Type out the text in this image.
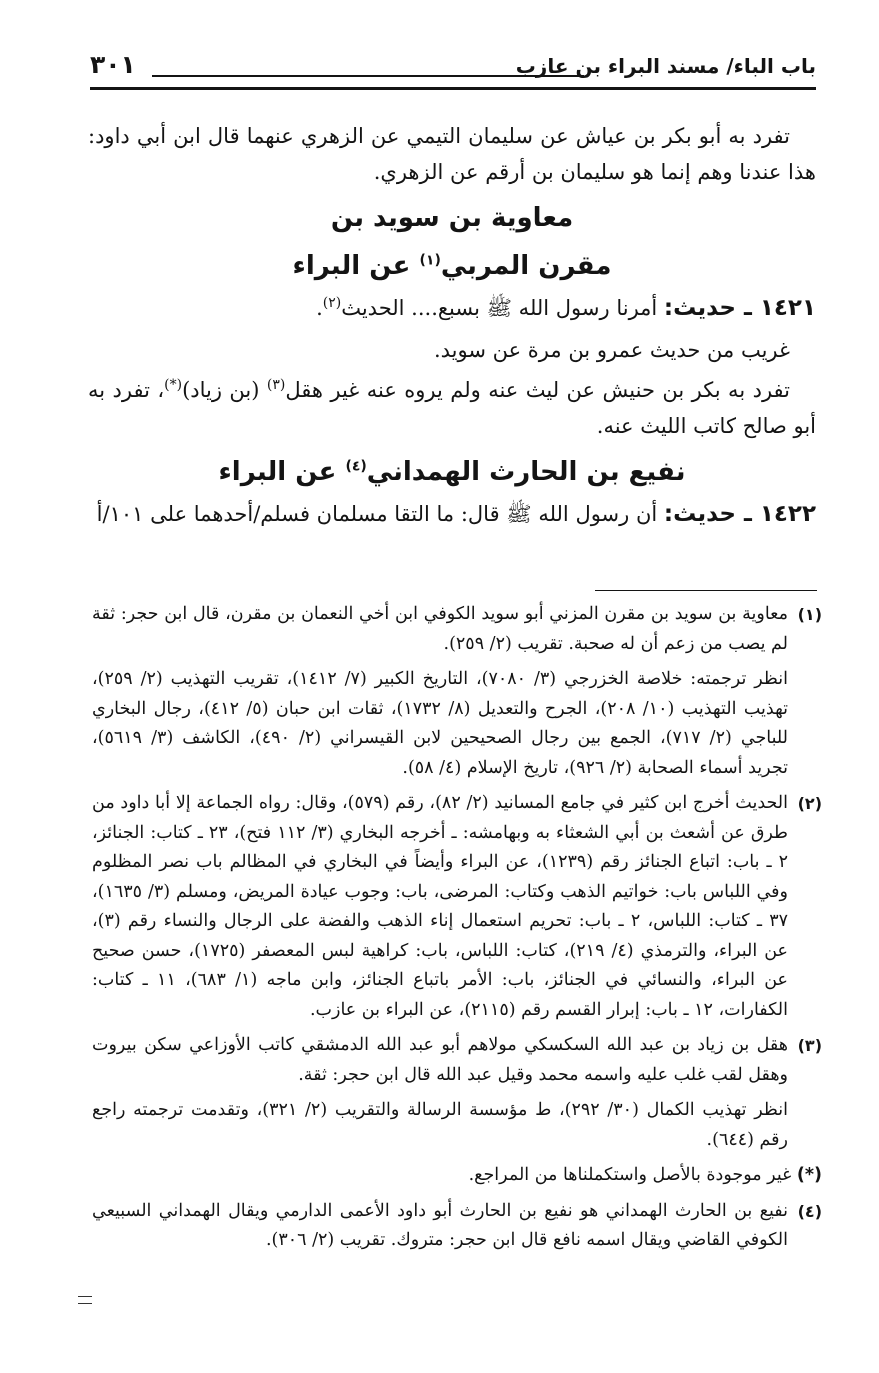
باب الباء/ مسند البراء بن عازب
٣٠١

تفرد به أبو بكر بن عياش عن سليمان التيمي عن الزهري عنهما قال ابن أبي داود: هذا عندنا وهم إنما هو سليمان بن أرقم عن الزهري.

معاوية بن سويد بن

مقرن المربي$^{(١)}$ عن البراء

١٤٢١ ـ حديث: أمرنا رسول الله ﷺ بسبع.... الحديث$^{(٢)}$.

غريب من حديث عمرو بن مرة عن سويد.

تفرد به بكر بن حنيش عن ليث عنه ولم يروه عنه غير هقل$^{(٣)}$ (بن زياد)(*)، تفرد به أبو صالح كاتب الليث عنه.

نفيع بن الحارث الهمداني$^{(٤)}$ عن البراء

١٤٢٢ ـ حديث: أن رسول الله ﷺ قال: ما التقا مسلمان فسلم/أحدهما على ١٠١/أ

(١)

معاوية بن سويد بن مقرن المزني أبو سويد الكوفي ابن أخي النعمان بن مقرن، قال ابن حجر: ثقة لم يصب من زعم أن له صحبة. تقريب (٢/ ٢٥٩).

انظر ترجمته: خلاصة الخزرجي (٣/ ٧٠٨٠)، التاريخ الكبير (٧/ ١٤١٢)، تقريب التهذيب (٢/ ٢٥٩)، تهذيب التهذيب (١٠/ ٢٠٨)، الجرح والتعديل (٨/ ١٧٣٢)، ثقات ابن حبان (٥/ ٤١٢)، رجال البخاري للباجي (٢/ ٧١٧)، الجمع بين رجال الصحيحين لابن القيسراني (٢/ ٤٩٠)، الكاشف (٣/ ٥٦١٩)، تجريد أسماء الصحابة (٢/ ٩٢٦)، تاريخ الإسلام (٤/ ٥٨).

(٢)

الحديث أخرج ابن كثير في جامع المسانيد (٢/ ٨٢)، رقم (٥٧٩)، وقال: رواه الجماعة إلا أبا داود من طرق عن أشعث بن أبي الشعثاء به وبهامشه: ـ أخرجه البخاري (٣/ ١١٢ فتح)، ٢٣ ـ كتاب: الجنائز، ٢ ـ باب: اتباع الجنائز رقم (١٢٣٩)، عن البراء وأيضاً في البخاري في المظالم باب نصر المظلوم وفي اللباس باب: خواتيم الذهب وكتاب: المرضى، باب: وجوب عيادة المريض، ومسلم (٣/ ١٦٣٥)، ٣٧ ـ كتاب: اللباس، ٢ ـ باب: تحريم استعمال إناء الذهب والفضة على الرجال والنساء رقم (٣)، عن البراء، والترمذي (٤/ ٢١٩)، كتاب: اللباس، باب: كراهية لبس المعصفر (١٧٢٥)، حسن صحيح عن البراء، والنسائي في الجنائز، باب: الأمر باتباع الجنائز، وابن ماجه (١/ ٦٨٣)، ١١ ـ كتاب: الكفارات، ١٢ ـ باب: إبرار القسم رقم (٢١١٥)، عن البراء بن عازب.

(٣)

هقل بن زياد بن عبد الله السكسكي مولاهم أبو عبد الله الدمشقي كاتب الأوزاعي سكن بيروت وهقل لقب غلب عليه واسمه محمد وقيل عبد الله قال ابن حجر: ثقة.

انظر تهذيب الكمال (٣٠/ ٢٩٢)، ط مؤسسة الرسالة والتقريب (٢/ ٣٢١)، وتقدمت ترجمته راجع رقم (٦٤٤).

(*) غير موجودة بالأصل واستكملناها من المراجع.

(٤)

نفيع بن الحارث الهمداني هو نفيع بن الحارث أبو داود الأعمى الدارمي ويقال الهمداني السبيعي الكوفي القاضي ويقال اسمه نافع قال ابن حجر: متروك. تقريب (٢/ ٣٠٦).
